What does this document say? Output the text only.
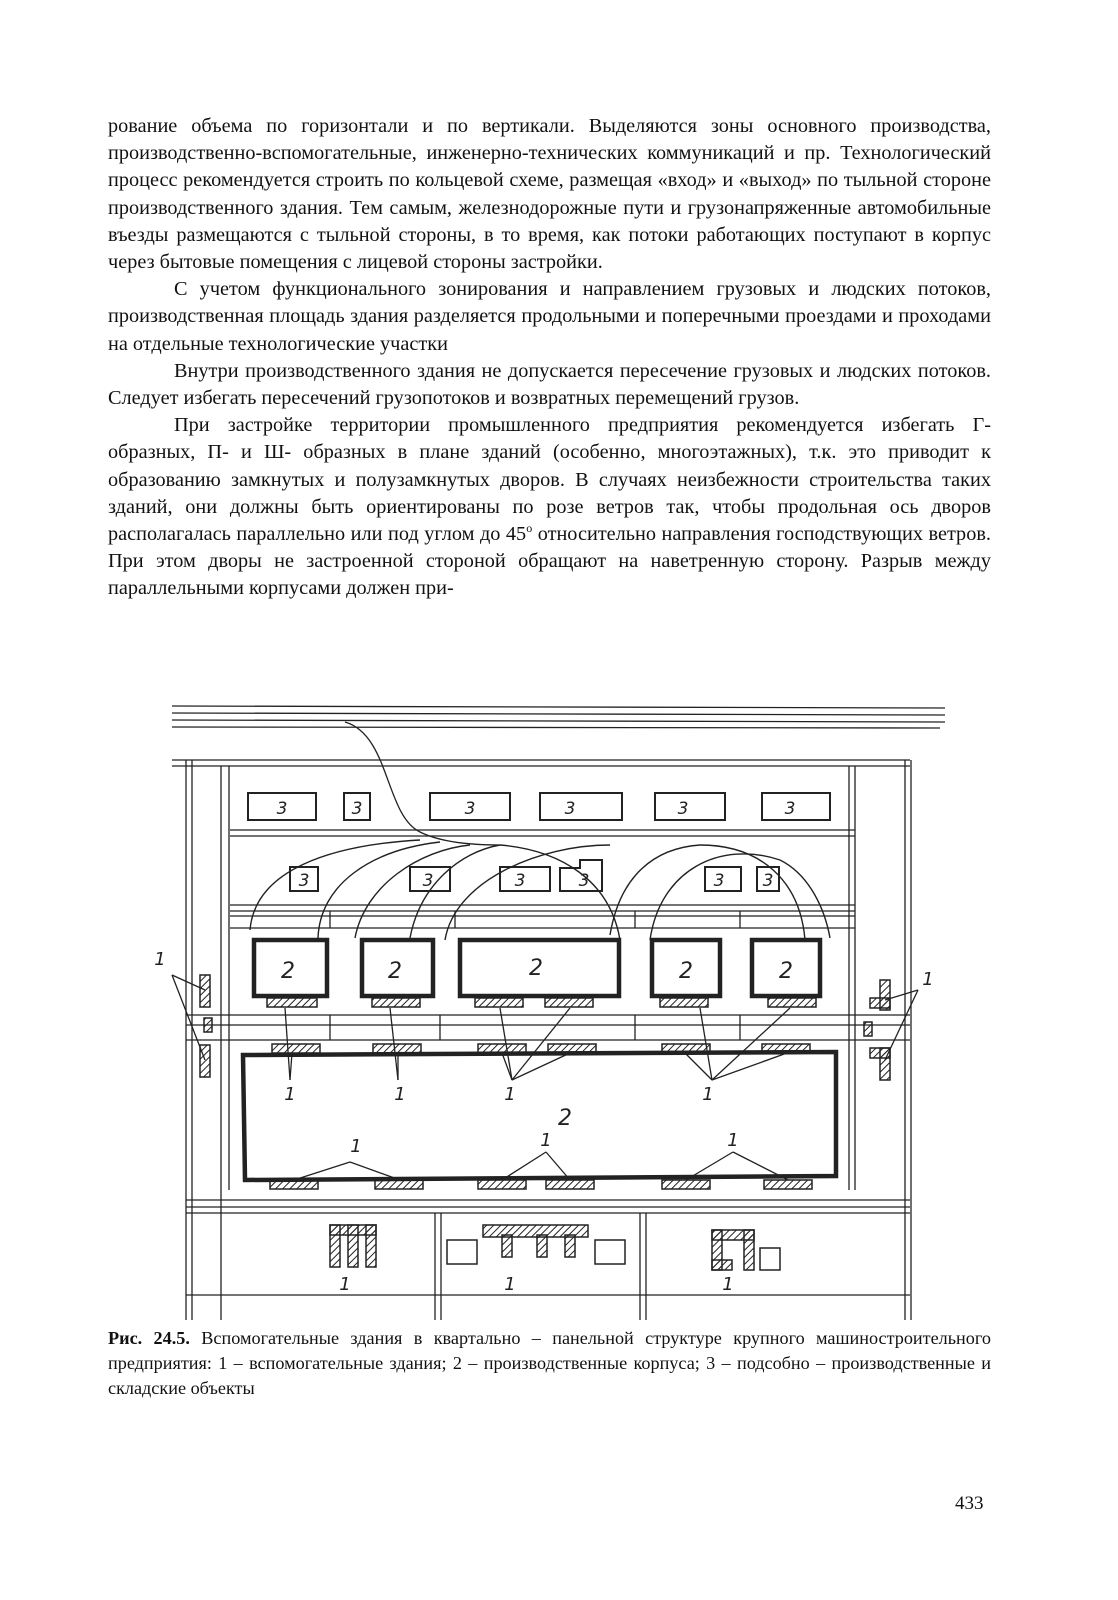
рование объема по горизонтали и по вертикали. Выделяются зоны основного производства, производственно-вспомогательные, инженерно-технических коммуникаций и пр. Технологический процесс рекомендуется строить по кольцевой схеме, размещая «вход» и «выход» по тыльной стороне производственного здания. Тем самым, железнодорожные пути и грузонапряженные автомобильные въезды размещаются с тыльной стороны, в то время, как потоки работающих поступают в корпус через бытовые помещения с лицевой стороны застройки.

С учетом функционального зонирования и направлением грузовых и людских потоков, производственная площадь здания разделяется продольными и поперечными проездами и проходами на отдельные технологические участки

Внутри производственного здания не допускается пересечение грузовых и людских потоков. Следует избегать пересечений грузопотоков и возвратных перемещений грузов.

При застройке территории промышленного предприятия рекомендуется избегать Г- образных, П- и Ш- образных в плане зданий (особенно, многоэтажных), т.к. это приводит к образованию замкнутых и полузамкнутых дворов. В случаях неизбежности строительства таких зданий, они должны быть ориентированы по розе ветров так, чтобы продольная ось дворов располагалась параллельно или под углом до $45^о$ относительно направления господствующих ветров. При этом дворы не застроенной стороной обращают на наветренную сторону. Разрыв между параллельными корпусами должен при-

3	3	3	3	3	3
3	3	3	3	3 3
2	2	2	2	2
2
1	1	1	1
1	1	1
1
1
1	1	1

Рис. 24.5. Вспомогательные здания в квартально – панельной структуре крупного машиностроительного предприятия: 1 – вспомогательные здания; 2 – производственные корпуса; 3 – подсобно – производственные и складские объекты

433
